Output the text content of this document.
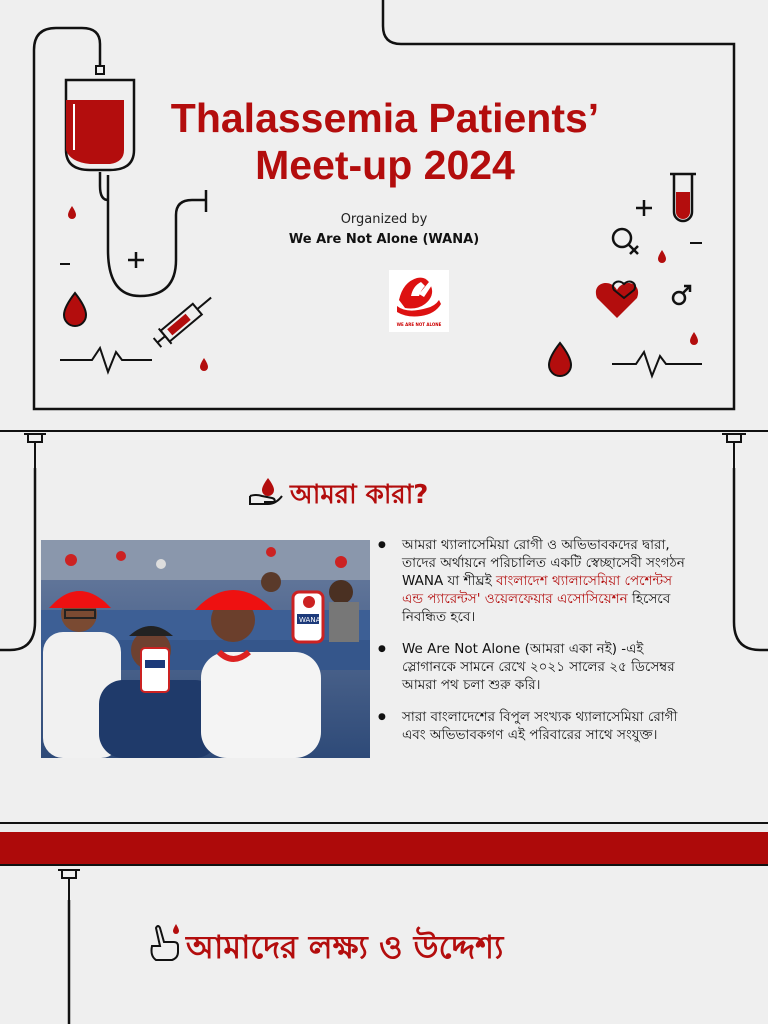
Thalassemia Patients’
Meet-up 2024
Organized by
We Are Not Alone (WANA)
WE ARE NOT ALONE
আমরা কারা?
WANA
● আমরা থ্যালাসেমিয়া রোগী ও অভিভাবকদের দ্বারা, তাদের অর্থায়নে পরিচালিত একটি স্বেচ্ছাসেবী সংগঠন WANA যা শীঘ্রই বাংলাদেশ থ্যালাসেমিয়া পেশেন্টস এন্ড প্যারেন্টস' ওয়েলফেয়ার এসোসিয়েশন হিসেবে নিবন্ধিত হবে।
● We Are Not Alone (আমরা একা নই) -এই স্লোগানকে সামনে রেখে ২০২১ সালের ২৫ ডিসেম্বর আমরা পথ চলা শুরু করি।
● সারা বাংলাদেশের বিপুল সংখ্যক থ্যালাসেমিয়া রোগী এবং অভিভাবকগণ এই পরিবারের সাথে সংযুক্ত।
আমাদের লক্ষ্য ও উদ্দেশ্য
